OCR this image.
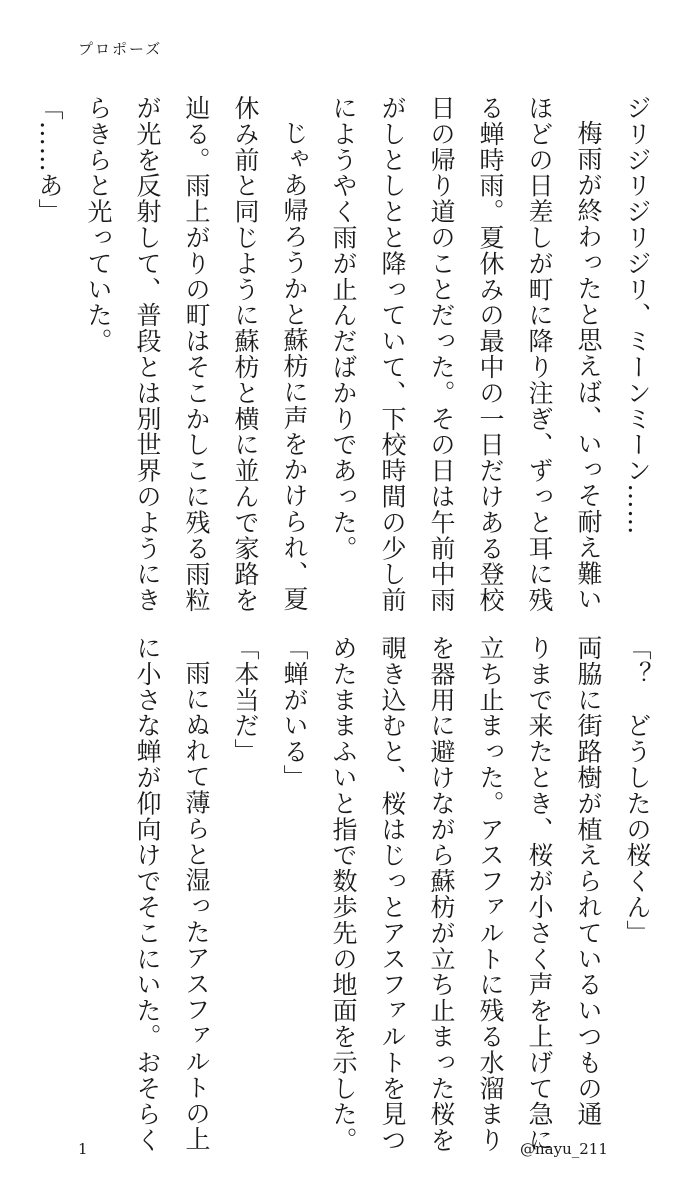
プロポーズ
ジリジリジリジリ、ミーンミーン……
梅雨が終わったと思えば、いっそ耐え難い
ほどの日差しが町に降り注ぎ、ずっと耳に残
る蝉時雨。夏休みの最中の一日だけある登校
日の帰り道のことだった。その日は午前中雨
がしとしとと降っていて、下校時間の少し前
にようやく雨が止んだばかりであった。
じゃあ帰ろうかと蘇枋に声をかけられ、夏
休み前と同じように蘇枋と横に並んで家路を
辿る。雨上がりの町はそこかしこに残る雨粒
が光を反射して、普段とは別世界のようにき
らきらと光っていた。
「……あ」
「？　どうしたの桜くん」
両脇に街路樹が植えられているいつもの通
りまで来たとき、桜が小さく声を上げて急に
立ち止まった。アスファルトに残る水溜まり
を器用に避けながら蘇枋が立ち止まった桜を
覗き込むと、桜はじっとアスファルトを見つ
めたままふいと指で数歩先の地面を示した。
「蝉がいる」
「本当だ」
雨にぬれて薄らと湿ったアスファルトの上
に小さな蝉が仰向けでそこにいた。おそらく
1	@nayu_211
